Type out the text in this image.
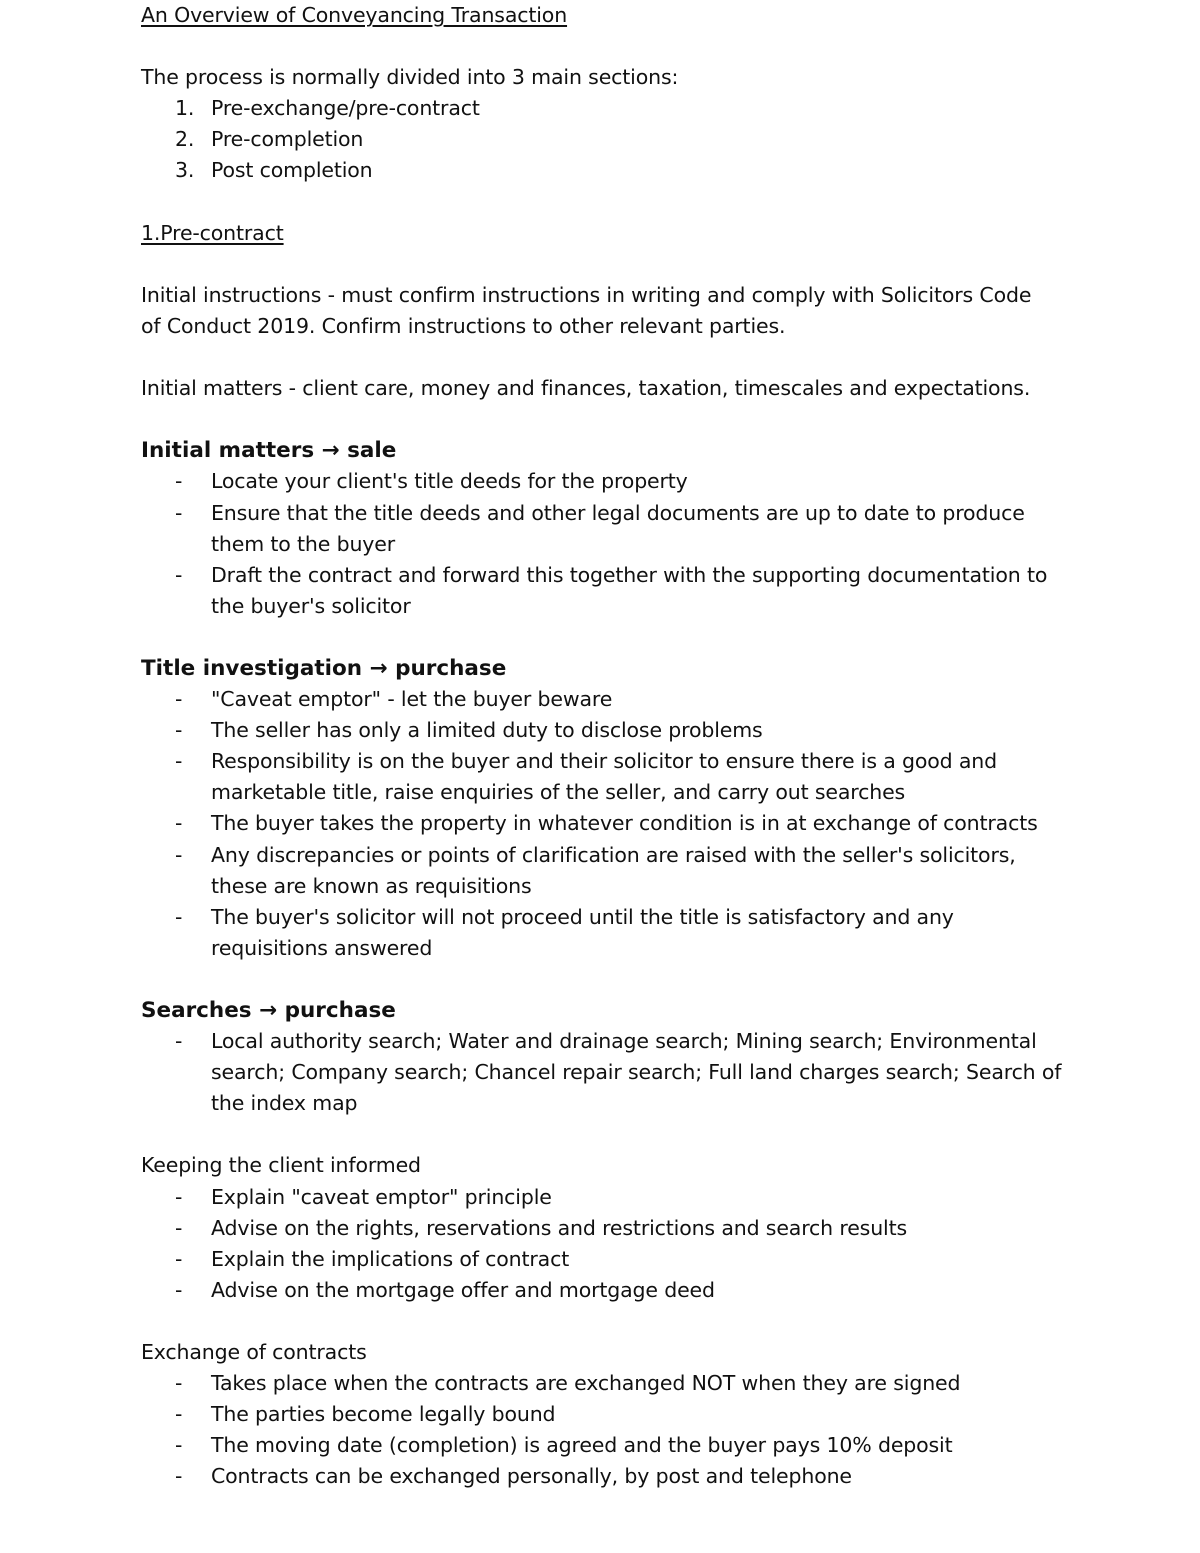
An Overview of Conveyancing Transaction

The process is normally divided into 3 main sections:

1. Pre-exchange/pre-contract
2. Pre-completion
3. Post completion

1.Pre-contract

Initial instructions - must confirm instructions in writing and comply with Solicitors Code

of Conduct 2019. Confirm instructions to other relevant parties.

Initial matters - client care, money and finances, taxation, timescales and expectations.

Initial matters → sale

-	Locate your client's title deeds for the property
-	Ensure that the title deeds and other legal documents are up to date to produce them to the buyer
-	Draft the contract and forward this together with the supporting documentation to the buyer's solicitor

Title investigation → purchase

-	"Caveat emptor" - let the buyer beware
-	The seller has only a limited duty to disclose problems
-	Responsibility is on the buyer and their solicitor to ensure there is a good and marketable title, raise enquiries of the seller, and carry out searches
-	The buyer takes the property in whatever condition is in at exchange of contracts
-	Any discrepancies or points of clarification are raised with the seller's solicitors, these are known as requisitions
-	The buyer's solicitor will not proceed until the title is satisfactory and any requisitions answered

Searches → purchase

-	Local authority search; Water and drainage search; Mining search; Environmental search; Company search; Chancel repair search; Full land charges search; Search of the index map

Keeping the client informed

-	Explain "caveat emptor" principle
-	Advise on the rights, reservations and restrictions and search results
-	Explain the implications of contract
-	Advise on the mortgage offer and mortgage deed

Exchange of contracts

-	Takes place when the contracts are exchanged NOT when they are signed
-	The parties become legally bound
-	The moving date (completion) is agreed and the buyer pays 10% deposit
-	Contracts can be exchanged personally, by post and telephone
